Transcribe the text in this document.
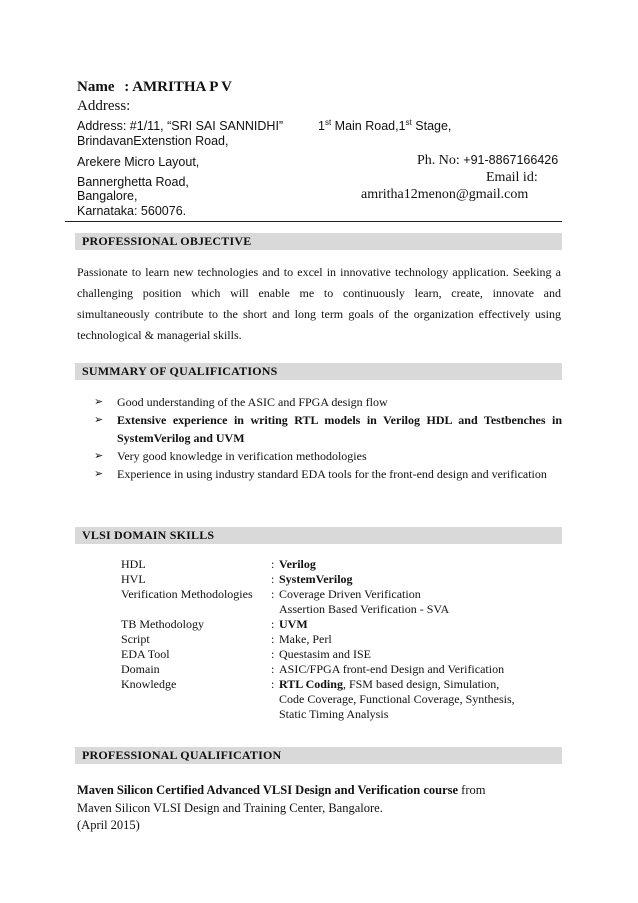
Name : AMRITHA P V
Address:
Address: #1/11, “SRI SAI SANNIDHI”	1st Main Road,1st Stage,
BrindavanExtenstion Road,
Arekere Micro Layout,
Bannerghetta Road,
Bangalore,
Karnataka: 560076.
Ph. No: +91-8867166426
Email id:
amritha12menon@gmail.com
PROFESSIONAL OBJECTIVE
Passionate to learn new technologies and to excel in innovative technology application. Seeking a challenging position which will enable me to continuously learn, create, innovate and simultaneously contribute to the short and long term goals of the organization effectively using technological & managerial skills.
SUMMARY OF QUALIFICATIONS
➢ Good understanding of the ASIC and FPGA design flow
➢ Extensive experience in writing RTL models in Verilog HDL and Testbenches in SystemVerilog and UVM
➢ Very good knowledge in verification methodologies
➢ Experience in using industry standard EDA tools for the front-end design and verification
VLSI DOMAIN SKILLS
HDL	: Verilog
HVL	: SystemVerilog
Verification Methodologies : Coverage Driven Verification
Assertion Based Verification - SVA
TB Methodology	: UVM
Script	: Make, Perl
EDA Tool	: Questasim and ISE
Domain	: ASIC/FPGA front-end Design and Verification
Knowledge	: RTL Coding, FSM based design, Simulation,
Code Coverage, Functional Coverage, Synthesis,
Static Timing Analysis
PROFESSIONAL QUALIFICATION
Maven Silicon Certified Advanced VLSI Design and Verification course from
Maven Silicon VLSI Design and Training Center, Bangalore.
(April 2015)
